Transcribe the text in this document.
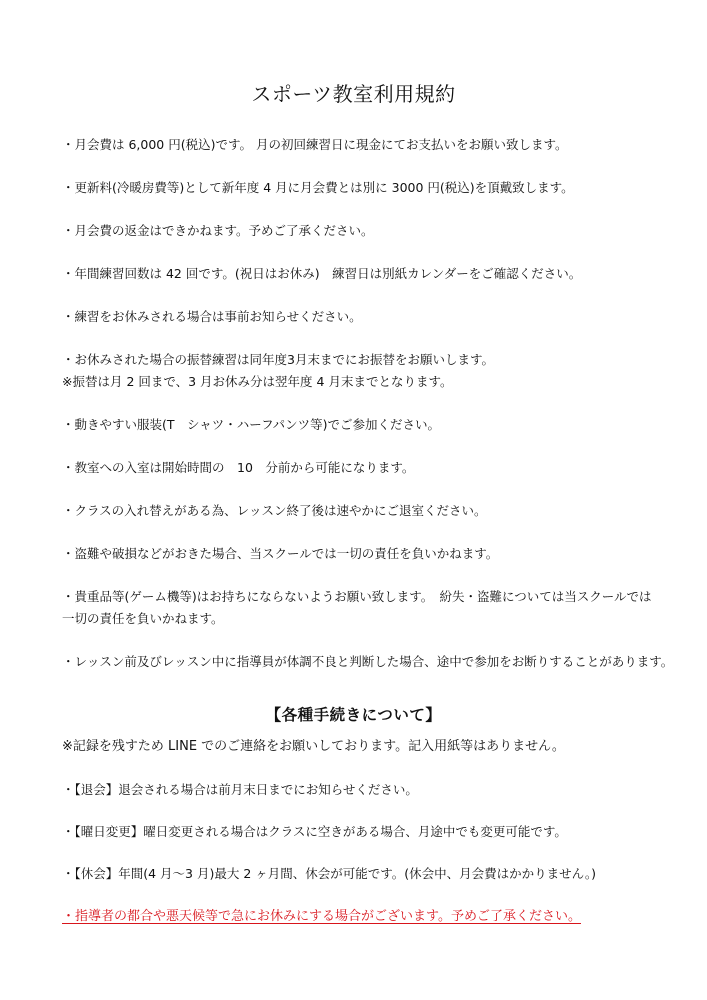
スポーツ教室利用規約

・月会費は 6,000 円(税込)です。 月の初回練習日に現金にてお支払いをお願い致します。

・更新料(冷暖房費等)として新年度 4 月に月会費とは別に 3000 円(税込)を頂戴致します。

・月会費の返金はできかねます。予めご了承ください。

・年間練習回数は 42 回です。(祝日はお休み)　練習日は別紙カレンダーをご確認ください。

・練習をお休みされる場合は事前お知らせください。

・お休みされた場合の振替練習は同年度3月末までにお振替をお願いします。

※振替は月 2 回まで、3 月お休み分は翌年度 4 月末までとなります。

・動きやすい服装(T　シャツ・ハーフパンツ等)でご参加ください。

・教室への入室は開始時間の　10　分前から可能になります。

・クラスの入れ替えがある為、レッスン終了後は速やかにご退室ください。

・盗難や破損などがおきた場合、当スクールでは一切の責任を負いかねます。

・貴重品等(ゲーム機等)はお持ちにならないようお願い致します。　紛失・盗難については当スクールでは

一切の責任を負いかねます。

・レッスン前及びレッスン中に指導員が体調不良と判断した場合、途中で参加をお断りすることがあります。

【各種手続きについて】

※記録を残すため LINE でのご連絡をお願いしております。記入用紙等はありません。

・【退会】退会される場合は前月末日までにお知らせください。

・【曜日変更】曜日変更される場合はクラスに空きがある場合、月途中でも変更可能です。

・【休会】年間(4 月～3 月)最大 2 ヶ月間、休会が可能です。(休会中、月会費はかかりません。)

・指導者の都合や悪天候等で急にお休みにする場合がございます。予めご了承ください。
